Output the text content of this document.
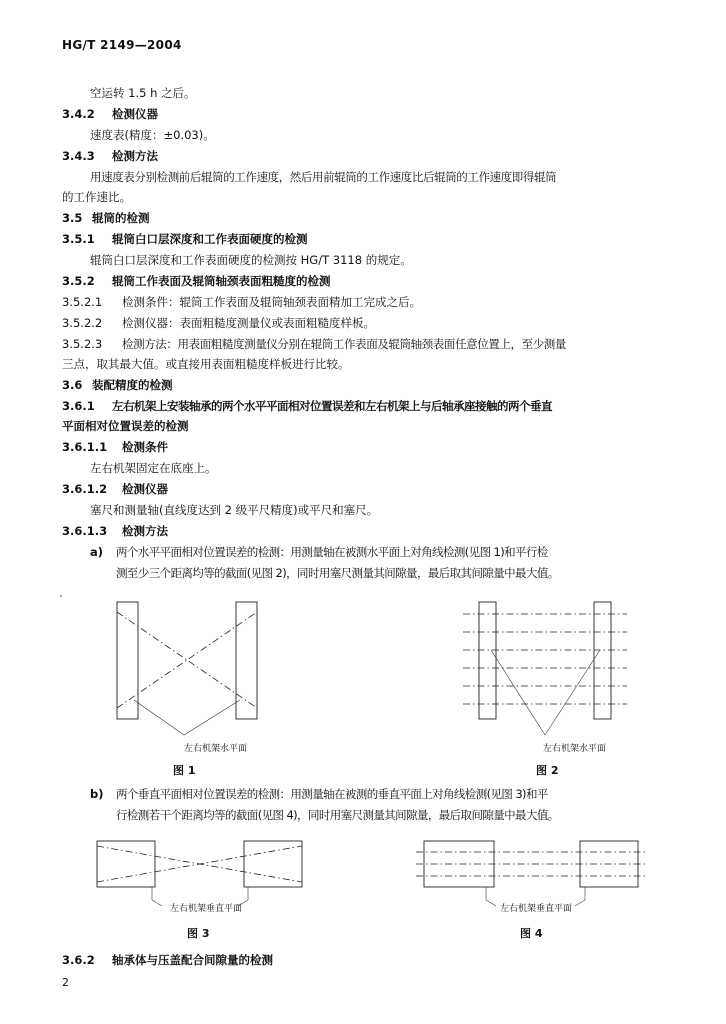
HG/T 2149—2004
空运转 1.5 h 之后。
3.4.2 检测仪器
速度表(精度：±0.03)。
3.4.3 检测方法
用速度表分别检测前后辊筒的工作速度，然后用前辊筒的工作速度比后辊筒的工作速度即得辊筒
的工作速比。
3.5 辊筒的检测
3.5.1 辊筒白口层深度和工作表面硬度的检测
辊筒白口层深度和工作表面硬度的检测按 HG/T 3118 的规定。
3.5.2 辊筒工作表面及辊筒轴颈表面粗糙度的检测
3.5.2.1 检测条件：辊筒工作表面及辊筒轴颈表面精加工完成之后。
3.5.2.2 检测仪器：表面粗糙度测量仪或表面粗糙度样板。
3.5.2.3 检测方法：用表面粗糙度测量仪分别在辊筒工作表面及辊筒轴颈表面任意位置上，至少测量
三点，取其最大值。或直接用表面粗糙度样板进行比较。
3.6 装配精度的检测
3.6.1 左右机架上安装轴承的两个水平平面相对位置误差和左右机架上与后轴承座接触的两个垂直
平面相对位置误差的检测
3.6.1.1 检测条件
左右机架固定在底座上。
3.6.1.2 检测仪器
塞尺和测量轴(直线度达到 2 级平尺精度)或平尺和塞尺。
3.6.1.3 检测方法
a) 两个水平平面相对位置误差的检测：用测量轴在被测水平面上对角线检测(见图 1)和平行检
测至少三个距离均等的截面(见图 2)，同时用塞尺测量其间隙量，最后取其间隙量中最大值。
左右机架水平面
图 1
左右机架水平面
图 2
b) 两个垂直平面相对位置误差的检测：用测量轴在被测的垂直平面上对角线检测(见图 3)和平
行检测若干个距离均等的截面(见图 4)，同时用塞尺测量其间隙量，最后取间隙量中最大值。
左右机架垂直平面
图 3
左右机架垂直平面
图 4
3.6.2 轴承体与压盖配合间隙量的检测
2
